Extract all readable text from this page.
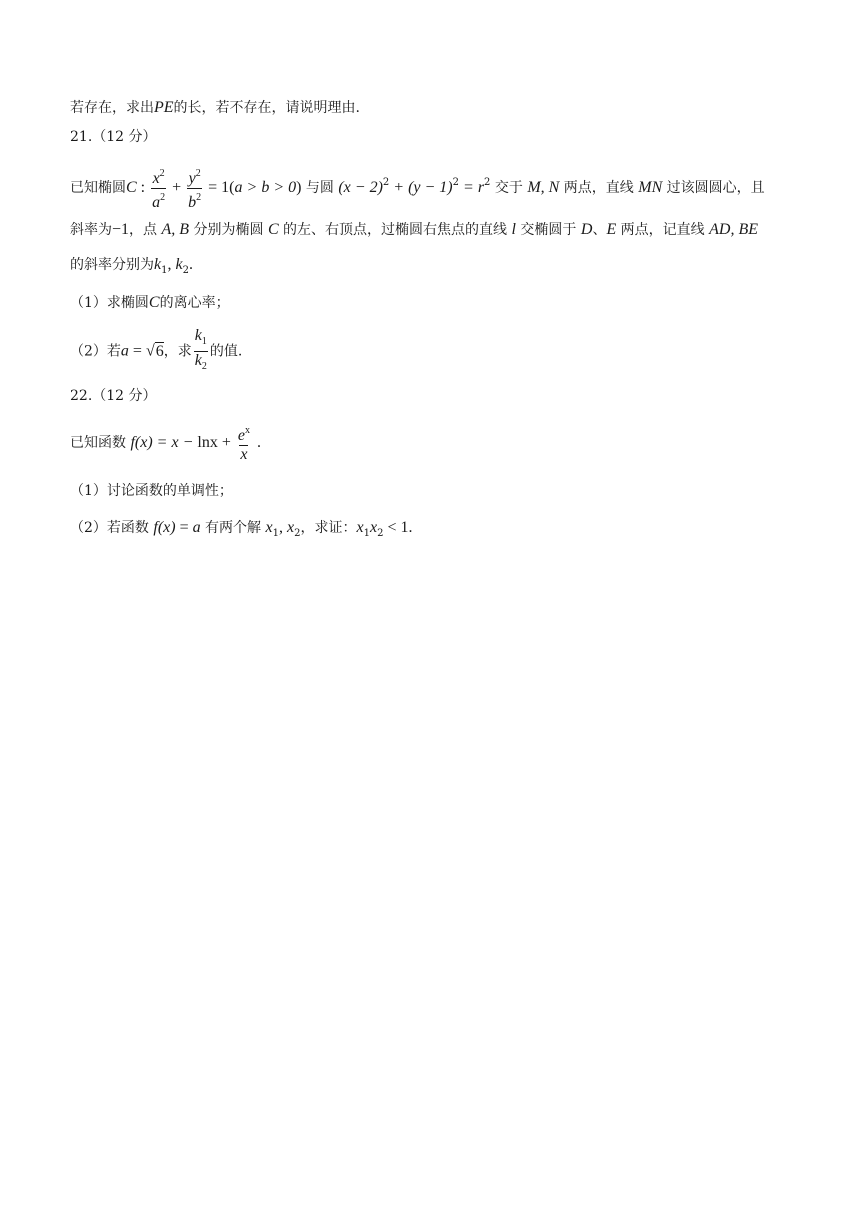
若存在，求出PE的长，若不存在，请说明理由.
21.（12 分）
已知椭圆C : $\frac{x^2}{a^2} + \frac{y^2}{b^2} = 1(a > b > 0)$ 与圆 $(x - 2)^2 + (y - 1)^2 = r^2$ 交于 M, N 两点，直线 MN 过该圆圆心，且
斜率为−1，点 A, B 分别为椭圆 C 的左、右顶点，过椭圆右焦点的直线 l 交椭圆于 D、E 两点，记直线 AD, BE
的斜率分别为$k_1$, $k_2$.
（1）求椭圆C的离心率；
（2）若a = √6，求 $\frac{k_1}{k_2}$ 的值.
22.（12 分）
已知函数 $f(x) = x - \ln x + \frac{e^x}{x}$ .
（1）讨论函数的单调性；
（2）若函数 f(x) = a 有两个解 $x_1$, $x_2$，求证：$x_1x_2 < 1$.
